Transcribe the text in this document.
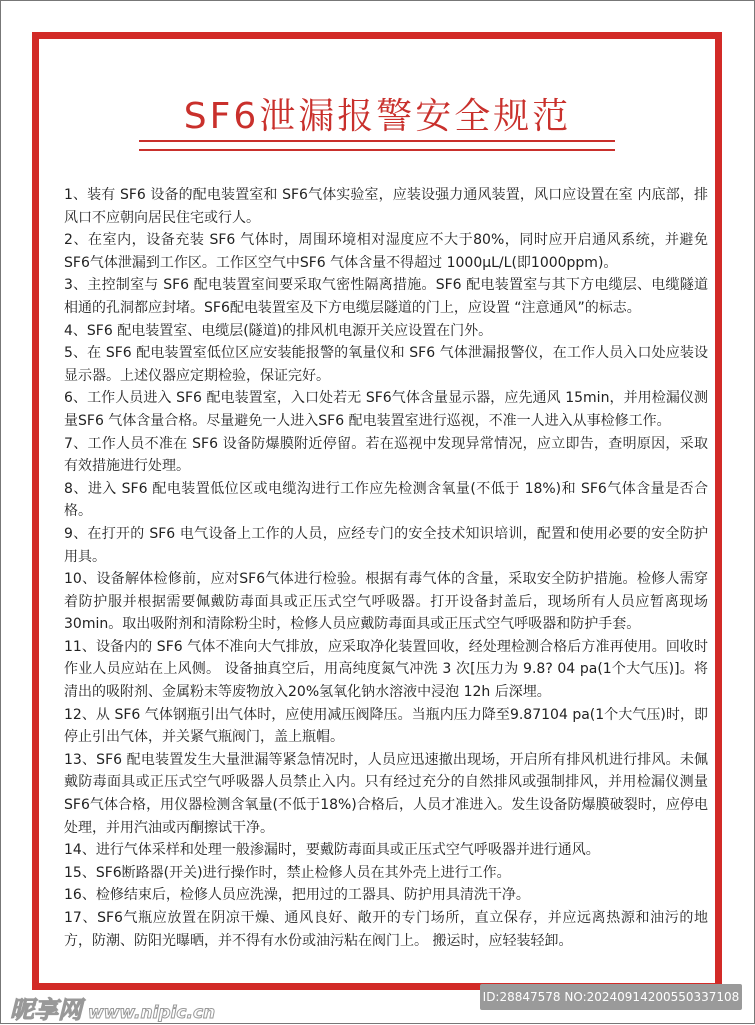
SF6泄漏报警安全规范

1、装有 SF6 设备的配电装置室和 SF6气体实验室，应装设强力通风装置，风口应设置在室 内底部，排风口不应朝向居民住宅或行人。

2、在室内，设备充装 SF6 气体时，周围环境相对湿度应不大于80%，同时应开启通风系统，并避免SF6气体泄漏到工作区。工作区空气中SF6 气体含量不得超过 1000μL/L(即1000ppm)。

3、主控制室与 SF6 配电装置室间要采取气密性隔离措施。SF6 配电装置室与其下方电缆层、电缆隧道相通的孔洞都应封堵。SF6配电装置室及下方电缆层隧道的门上，应设置 “注意通风”的标志。

4、SF6 配电装置室、电缆层(隧道)的排风机电源开关应设置在门外。

5、在 SF6 配电装置室低位区应安装能报警的氧量仪和 SF6 气体泄漏报警仪，在工作人员入口处应装设显示器。上述仪器应定期检验，保证完好。

6、工作人员进入 SF6 配电装置室，入口处若无 SF6气体含量显示器，应先通风 15min，并用检漏仪测量SF6 气体含量合格。尽量避免一人进入SF6 配电装置室进行巡视，不准一人进入从事检修工作。

7、工作人员不准在 SF6 设备防爆膜附近停留。若在巡视中发现异常情况，应立即告，查明原因，采取有效措施进行处理。

8、进入 SF6 配电装置低位区或电缆沟进行工作应先检测含氧量(不低于 18%)和 SF6气体含量是否合格。

9、在打开的 SF6 电气设备上工作的人员，应经专门的安全技术知识培训，配置和使用必要的安全防护用具。

10、设备解体检修前，应对SF6气体进行检验。根据有毒气体的含量，采取安全防护措施。检修人需穿着防护服并根据需要佩戴防毒面具或正压式空气呼吸器。打开设备封盖后，现场所有人员应暂离现场30min。取出吸附剂和清除粉尘时，检修人员应戴防毒面具或正压式空气呼吸器和防护手套。

11、设备内的 SF6 气体不准向大气排放，应采取净化装置回收，经处理检测合格后方准再使用。回收时作业人员应站在上风侧。 设备抽真空后，用高纯度氮气冲洗 3 次[压力为 9.8? 04 pa(1个大气压)]。将清出的吸附剂、金属粉末等废物放入20%氢氧化钠水溶液中浸泡 12h 后深埋。

12、从 SF6 气体钢瓶引出气体时，应使用减压阀降压。当瓶内压力降至9.87104 pa(1个大气压)时，即停止引出气体，并关紧气瓶阀门，盖上瓶帽。

13、SF6 配电装置发生大量泄漏等紧急情况时，人员应迅速撤出现场，开启所有排风机进行排风。未佩戴防毒面具或正压式空气呼吸器人员禁止入内。只有经过充分的自然排风或强制排风，并用检漏仪测量SF6气体合格，用仪器检测含氧量(不低于18%)合格后，人员才准进入。发生设备防爆膜破裂时，应停电处理，并用汽油或丙酮擦试干净。

14、进行气体采样和处理一般渗漏时，要戴防毒面具或正压式空气呼吸器并进行通风。

15、SF6断路器(开关)进行操作时，禁止检修人员在其外壳上进行工作。

16、检修结束后，检修人员应洗澡，把用过的工器具、防护用具清洗干净。

17、SF6气瓶应放置在阴凉干燥、通风良好、敞开的专门场所，直立保存，并应远离热源和油污的地方，防潮、防阳光曝晒，并不得有水份或油污粘在阀门上。 搬运时，应轻装轻卸。

昵享网 www.nipic.cn
ID:28847578 NO:20240914200550337108
